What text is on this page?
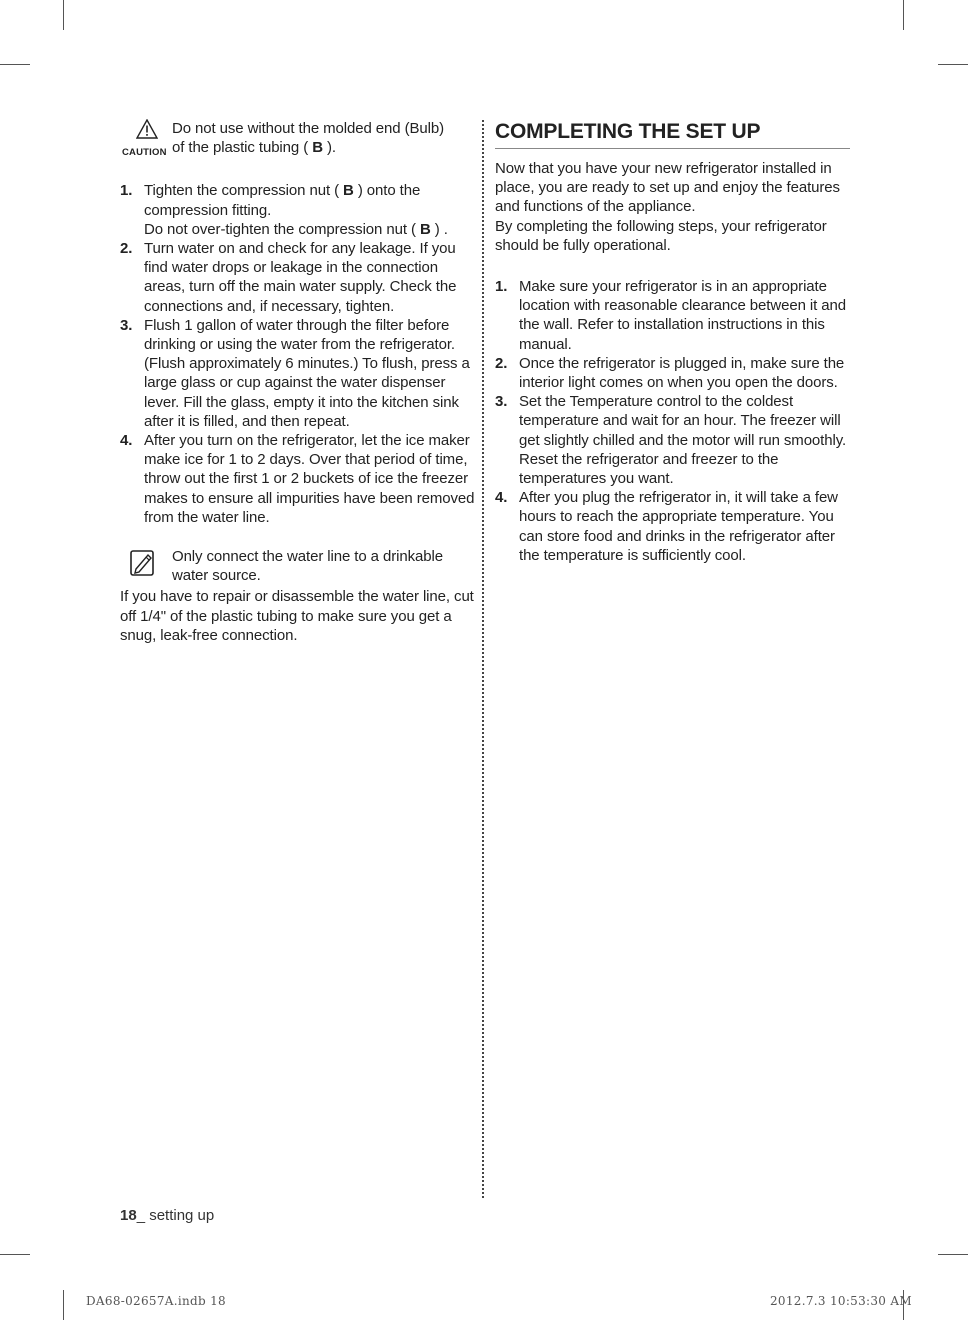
CAUTION
Do not use without the molded end (Bulb)
of the plastic tubing ( B ).
1. Tighten the compression nut ( B ) onto the compression fitting.
Do not over-tighten the compression nut ( B ) .
2. Turn water on and check for any leakage. If you find water drops or leakage in the connection areas, turn off the main water supply. Check the connections and, if necessary, tighten.
3. Flush 1 gallon of water through the filter before drinking or using the water from the refrigerator. (Flush approximately 6 minutes.) To flush, press a large glass or cup against the water dispenser lever. Fill the glass, empty it into the kitchen sink after it is filled, and then repeat.
4. After you turn on the refrigerator, let the ice maker make ice for 1 to 2 days. Over that period of time, throw out the first 1 or 2 buckets of ice the freezer makes to ensure all impurities have been removed from the water line.
Only connect the water line to a drinkable water source.

If you have to repair or disassemble the water line, cut off 1/4" of the plastic tubing to make sure you get a snug, leak-free connection.

COMPLETING THE SET UP

Now that you have your new refrigerator installed in place, you are ready to set up and enjoy the features and functions of the appliance.

By completing the following steps, your refrigerator should be fully operational.

1. Make sure your refrigerator is in an appropriate location with reasonable clearance between it and the wall. Refer to installation instructions in this manual.
2. Once the refrigerator is plugged in, make sure the interior light comes on when you open the doors.
3. Set the Temperature control to the coldest temperature and wait for an hour. The freezer will get slightly chilled and the motor will run smoothly. Reset the refrigerator and freezer to the temperatures you want.
4. After you plug the refrigerator in, it will take a few hours to reach the appropriate temperature. You can store food and drinks in the refrigerator after the temperature is sufficiently cool.
18_ setting up
DA68-02657A.indb 18	2012.7.3 10:53:30 AM
